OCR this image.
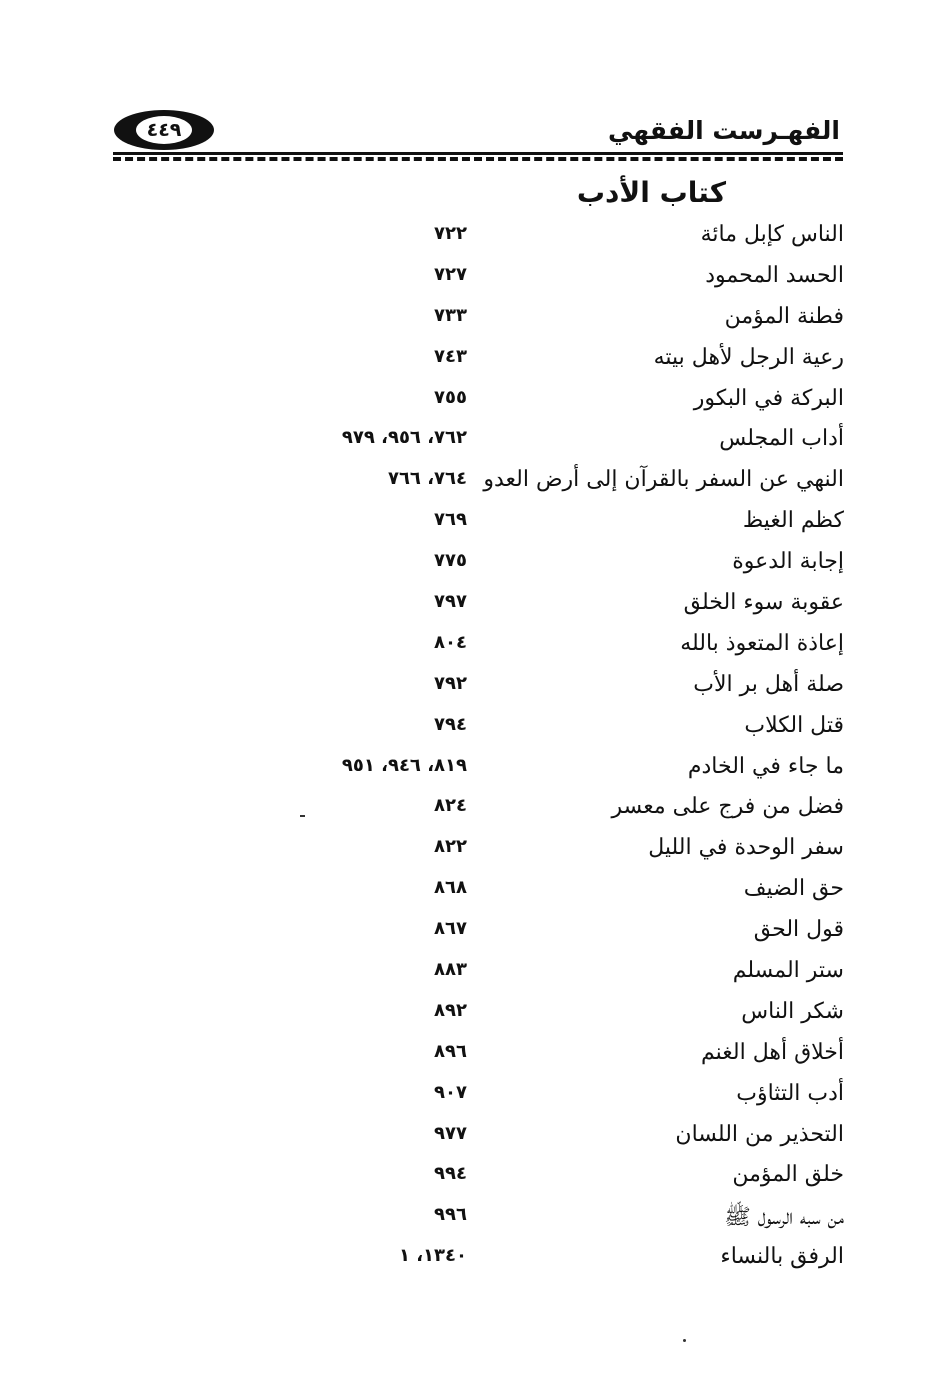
الفهـرست الفقهي
٤٤٩
كتاب الأدب
الناس كإبل مائة
٧٢٢
الحسد المحمود
٧٢٧
فطنة المؤمن
٧٣٣
رعية الرجل لأهل بيته
٧٤٣
البركة في البكور
٧٥٥
أداب المجلس
٧٦٢، ٩٥٦، ٩٧٩
النهي عن السفر بالقرآن إلى أرض العدو
٧٦٤، ٧٦٦
كظم الغيظ
٧٦٩
إجابة الدعوة
٧٧٥
عقوبة سوء الخلق
٧٩٧
إعاذة المتعوذ بالله
٨٠٤
صلة أهل بر الأب
٧٩٢
قتل الكلاب
٧٩٤
ما جاء في الخادم
٨١٩، ٩٤٦، ٩٥١
فضل من فرج على معسر
٨٢٤
سفر الوحدة في الليل
٨٢٢
حق الضيف
٨٦٨
قول الحق
٨٦٧
ستر المسلم
٨٨٣
شكر الناس
٨٩٢
أخلاق أهل الغنم
٨٩٦
أدب التثاؤب
٩٠٧
التحذير من اللسان
٩٧٧
خلق المؤمن
٩٩٤
من سبه الرسول ﷺ
٩٩٦
الرفق بالنساء
١٣٤٠، ١
